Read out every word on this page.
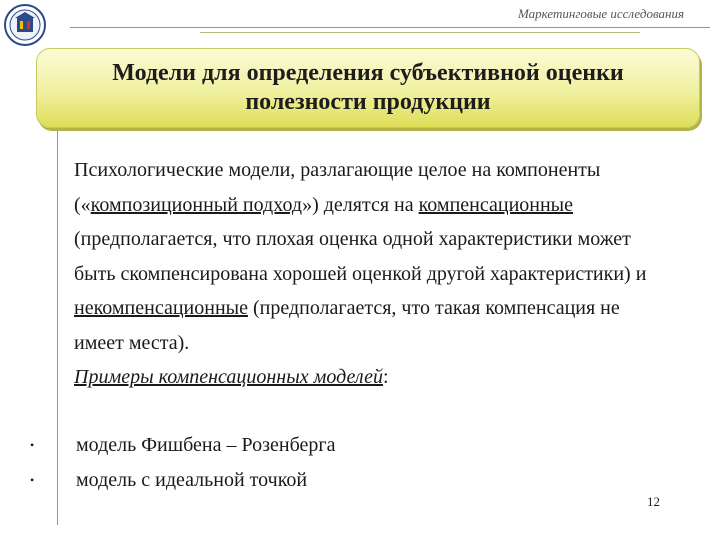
Маркетинговые исследования
Модели для определения субъективной оценки
полезности продукции

Психологические модели, разлагающие целое на компоненты («композиционный подход») делятся на компенсационные (предполагается, что плохая оценка одной характеристики может быть скомпенсирована хорошей оценкой другой характеристики) и некомпенсационные (предполагается, что такая компенсация не имеет места).

Примеры компенсационных моделей:

•	модель Фишбена – Розенберга
•	модель с идеальной точкой
12
